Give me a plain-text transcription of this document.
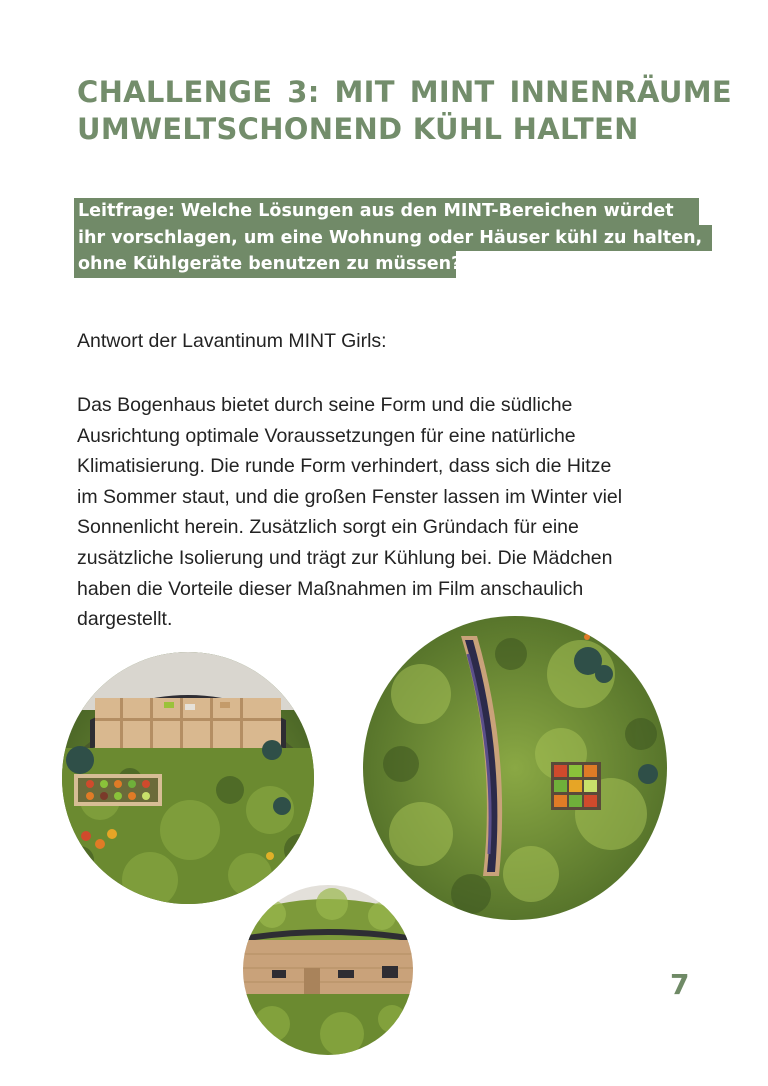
CHALLENGE 3: MIT MINT INNENRÄUME
UMWELTSCHONEND KÜHL HALTEN

Leitfrage: Welche Lösungen aus den MINT-Bereichen würdet
ihr vorschlagen, um eine Wohnung oder Häuser kühl zu halten,
ohne Kühlgeräte benutzen zu müssen?

Antwort der Lavantinum MINT Girls:

Das Bogenhaus bietet durch seine Form und die südliche
Ausrichtung optimale Voraussetzungen für eine natürliche
Klimatisierung. Die runde Form verhindert, dass sich die Hitze
im Sommer staut, und die großen Fenster lassen im Winter viel
Sonnenlicht herein. Zusätzlich sorgt ein Gründach für eine
zusätzliche Isolierung und trägt zur Kühlung bei. Die Mädchen
haben die Vorteile dieser Maßnahmen im Film anschaulich
dargestellt.

7
